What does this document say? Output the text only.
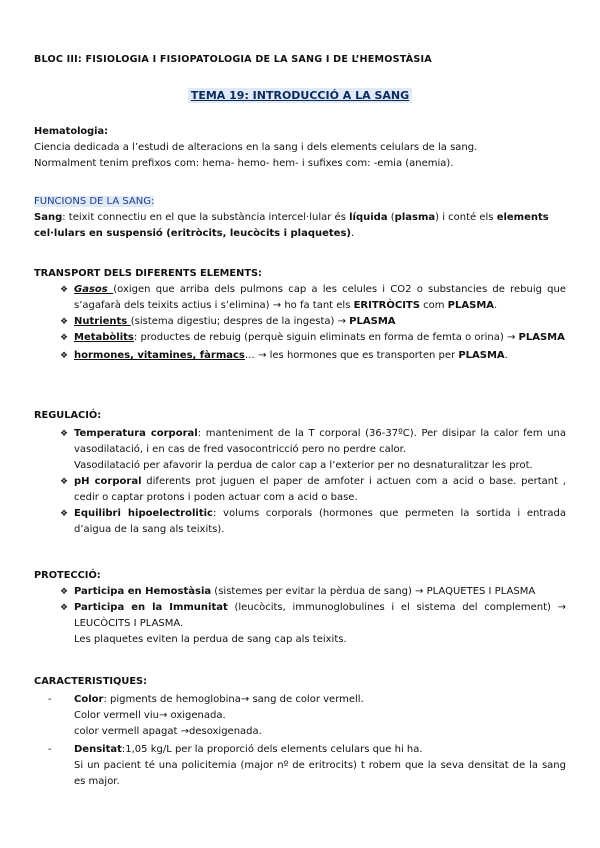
BLOC III: FISIOLOGIA I FISIOPATOLOGIA DE LA SANG I DE L’HEMOSTÀSIA
TEMA 19: INTRODUCCIÓ A LA SANG

Hematologia:

Ciencia dedicada a l’estudi de alteracions en la sang i dels elements celulars de la sang.

Normalment tenim prefixos com: hema- hemo- hem- i sufixes com: -emia (anemia).

FUNCIONS DE LA SANG:

Sang: teixit connectiu en el que la substància intercel·lular és líquida (plasma) i conté els elements
cel·lulars en suspensió (eritròcits, leucòcits i plaquetes).

TRANSPORT DELS DIFERENTS ELEMENTS:
❖ Gasos (oxigen que arriba dels pulmons cap a les celules i CO2 o substancies de rebuig que s’agafarà dels teixits actius i s’elimina) → ho fa tant els ERITRÒCITS com PLASMA.
❖ Nutrients (sistema digestiu; despres de la ingesta) → PLASMA
❖ Metabòlits: productes de rebuig (perquè siguin eliminats en forma de femta o orina) → PLASMA
❖ hormones, vitamines, fàrmacs… → les hormones que es transporten per PLASMA.
REGULACIÓ:
❖ Temperatura corporal: manteniment de la T corporal (36-37ºC). Per disipar la calor fem una vasodilatació, i en cas de fred vasocontricció pero no perdre calor.
Vasodilatació per afavorir la perdua de calor cap a l’exterior per no desnaturalitzar les prot.
❖ pH corporal diferents prot juguen el paper de amfoter i actuen com a acid o base. pertant , cedir o captar protons i poden actuar com a acid o base.
❖ Equilibri hipoelectrolitic: volums corporals (hormones que permeten la sortida i entrada d’aigua de la sang als teixits).
PROTECCIÓ:
❖ Participa en Hemostàsia (sistemes per evitar la pèrdua de sang) → PLAQUETES I PLASMA
❖ Participa en la Immunitat (leucòcits, immunoglobulines i el sistema del complement) → LEUCÒCITS I PLASMA.
Les plaquetes eviten la perdua de sang cap als teixits.
CARACTERISTIQUES:
- Color: pigments de hemoglobina→ sang de color vermell.
Color vermell viu→ oxigenada.
color vermell apagat →desoxigenada.
- Densitat:1,05 kg/L per la proporció dels elements celulars que hi ha.
Si un pacient té una policitemia (major nº de eritrocits) t robem que la seva densitat de la sang es major.
